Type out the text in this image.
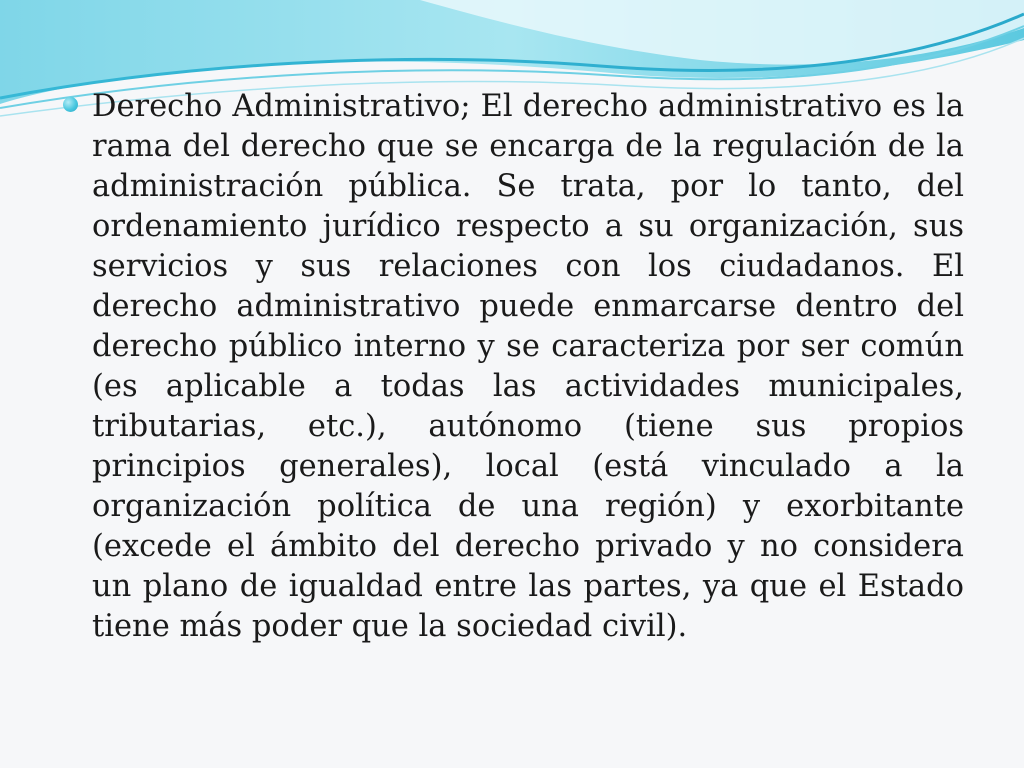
Derecho Administrativo; El derecho administrativo es la rama del derecho que se encarga de la regulación de la administración pública. Se trata, por lo tanto, del ordenamiento jurídico respecto a su organización, sus servicios y sus relaciones con los ciudadanos. El derecho administrativo puede enmarcarse dentro del derecho público interno y se caracteriza por ser común (es aplicable a todas las actividades municipales, tributarias, etc.), autónomo (tiene sus propios principios generales), local (está vinculado a la organización política de una región) y exorbitante (excede el ámbito del derecho privado y no considera un plano de igualdad entre las partes, ya que el Estado tiene más poder que la sociedad civil).
